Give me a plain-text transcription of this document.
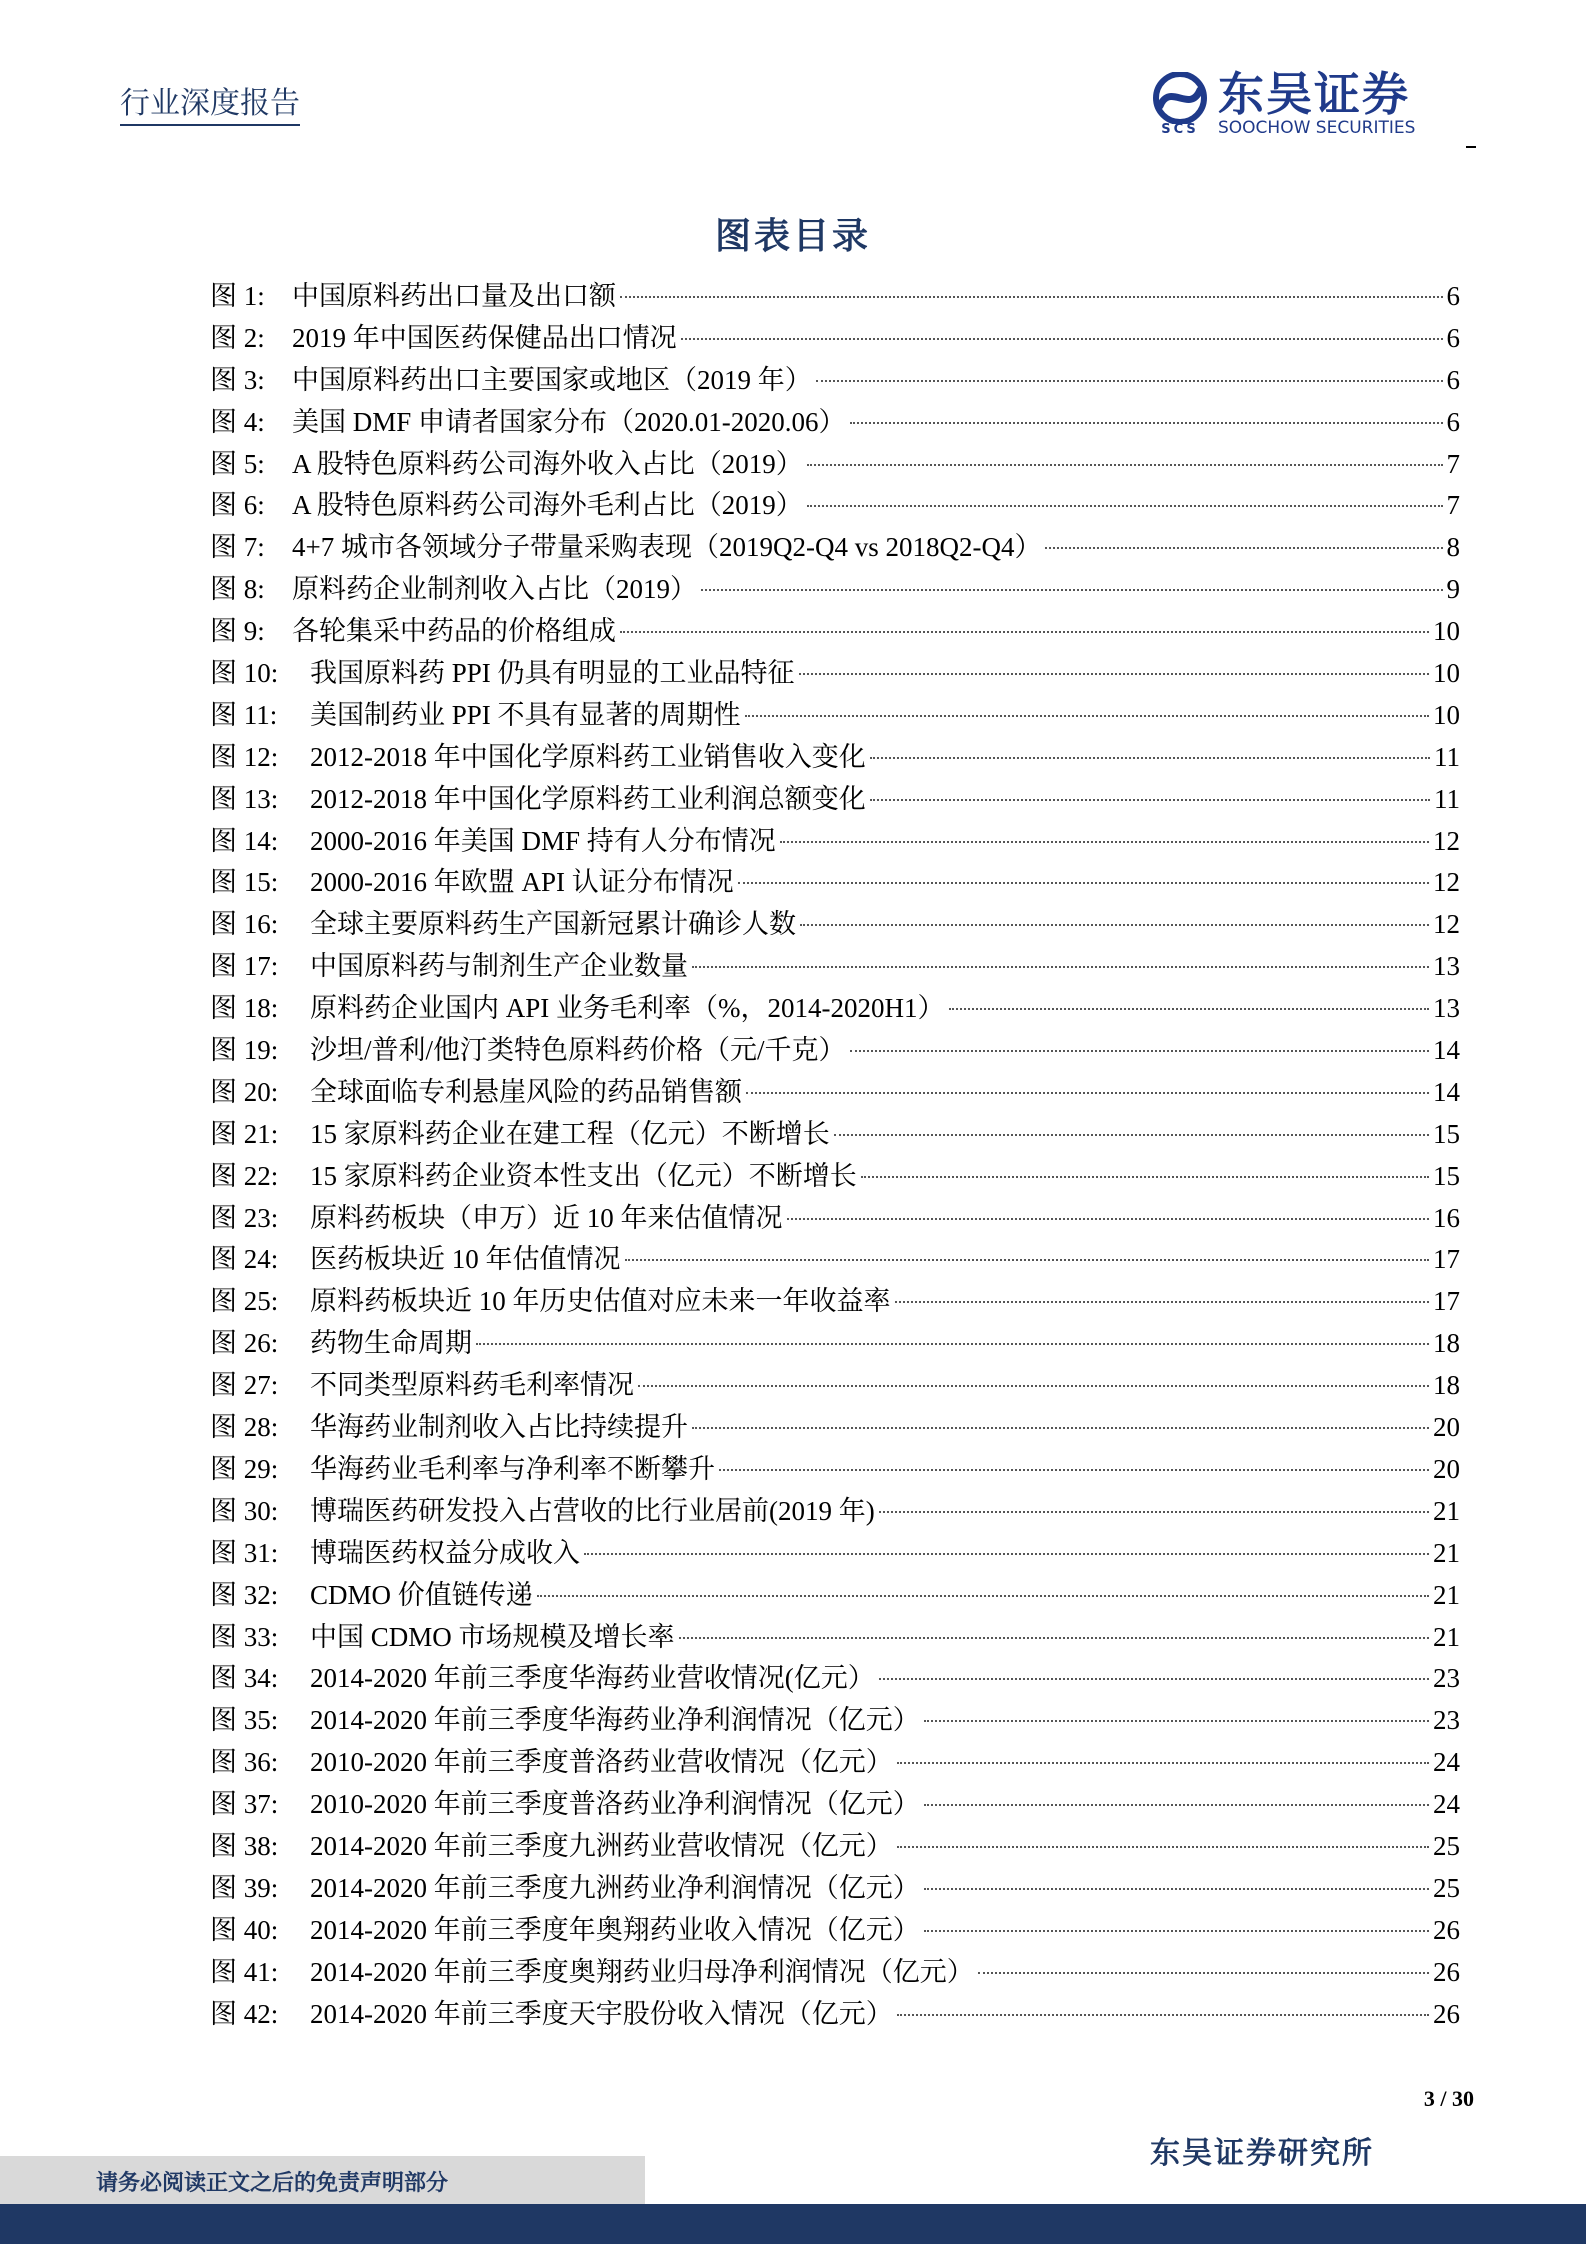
行业深度报告
SCS
东吴证券
SOOCHOW SECURITIES
图表目录
图 1:	中国原料药出口量及出口额	6
图 2:	2019 年中国医药保健品出口情况	6
图 3:	中国原料药出口主要国家或地区（2019 年）	6
图 4:	美国 DMF 申请者国家分布（2020.01-2020.06）	6
图 5:	A 股特色原料药公司海外收入占比（2019）	7
图 6:	A 股特色原料药公司海外毛利占比（2019）	7
图 7:	4+7 城市各领域分子带量采购表现（2019Q2-Q4 vs 2018Q2-Q4）	8
图 8:	原料药企业制剂收入占比（2019）	9
图 9:	各轮集采中药品的价格组成	10
图 10:	我国原料药 PPI 仍具有明显的工业品特征	10
图 11:	美国制药业 PPI 不具有显著的周期性	10
图 12:	2012-2018 年中国化学原料药工业销售收入变化	11
图 13:	2012-2018 年中国化学原料药工业利润总额变化	11
图 14:	2000-2016 年美国 DMF 持有人分布情况	12
图 15:	2000-2016 年欧盟 API 认证分布情况	12
图 16:	全球主要原料药生产国新冠累计确诊人数	12
图 17:	中国原料药与制剂生产企业数量	13
图 18:	原料药企业国内 API 业务毛利率（%，2014-2020H1）	13
图 19:	沙坦/普利/他汀类特色原料药价格（元/千克）	14
图 20:	全球面临专利悬崖风险的药品销售额	14
图 21:	15 家原料药企业在建工程（亿元）不断增长	15
图 22:	15 家原料药企业资本性支出（亿元）不断增长	15
图 23:	原料药板块（申万）近 10 年来估值情况	16
图 24:	医药板块近 10 年估值情况	17
图 25:	原料药板块近 10 年历史估值对应未来一年收益率	17
图 26:	药物生命周期	18
图 27:	不同类型原料药毛利率情况	18
图 28:	华海药业制剂收入占比持续提升	20
图 29:	华海药业毛利率与净利率不断攀升	20
图 30:	博瑞医药研发投入占营收的比行业居前(2019 年)	21
图 31:	博瑞医药权益分成收入	21
图 32:	CDMO 价值链传递	21
图 33:	中国 CDMO 市场规模及增长率	21
图 34:	2014-2020 年前三季度华海药业营收情况(亿元）	23
图 35:	2014-2020 年前三季度华海药业净利润情况（亿元）	23
图 36:	2010-2020 年前三季度普洛药业营收情况（亿元）	24
图 37:	2010-2020 年前三季度普洛药业净利润情况（亿元）	24
图 38:	2014-2020 年前三季度九洲药业营收情况（亿元）	25
图 39:	2014-2020 年前三季度九洲药业净利润情况（亿元）	25
图 40:	2014-2020 年前三季度年奥翔药业收入情况（亿元）	26
图 41:	2014-2020 年前三季度奥翔药业归母净利润情况（亿元）	26
图 42:	2014-2020 年前三季度天宇股份收入情况（亿元）	26
3 / 30
东吴证券研究所
请务必阅读正文之后的免责声明部分
